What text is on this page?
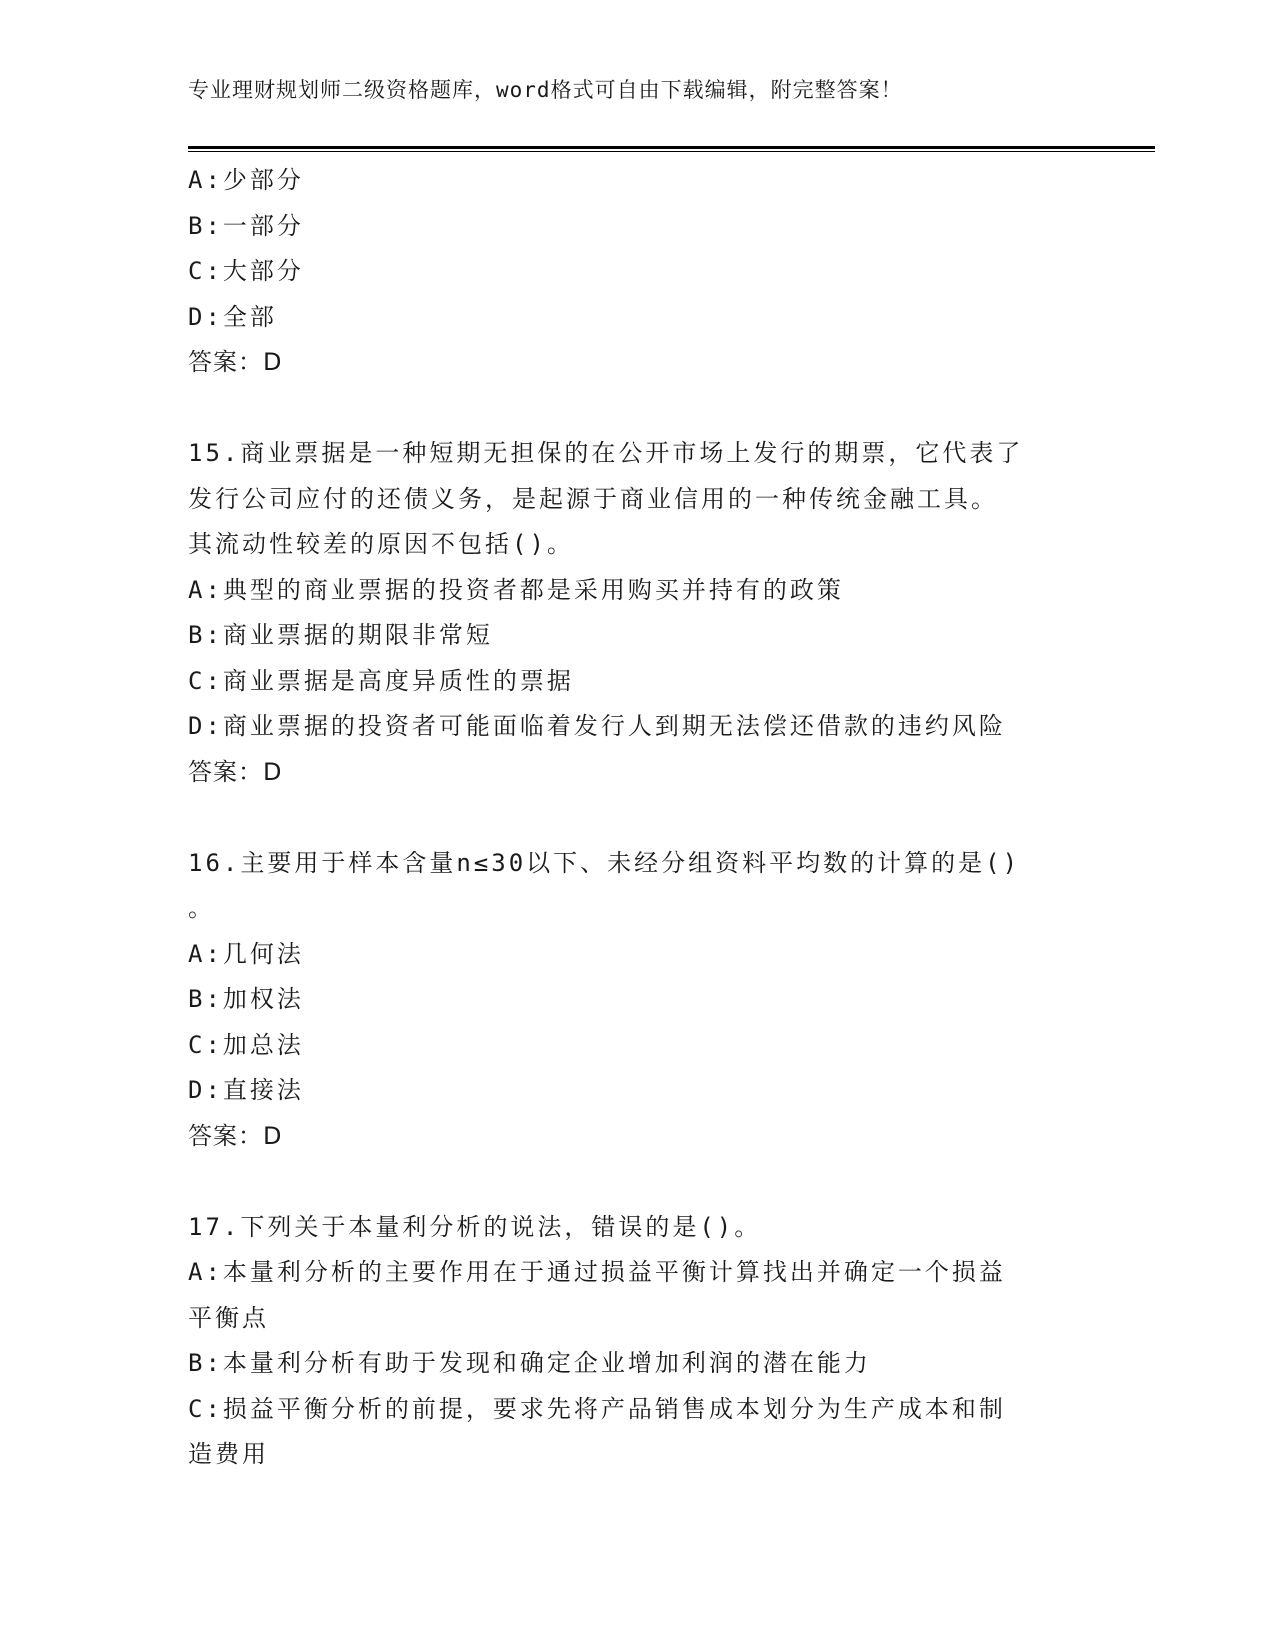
专业理财规划师二级资格题库，word格式可自由下载编辑，附完整答案！
A:少部分
B:一部分
C:大部分
D:全部
答案：D
15.商业票据是一种短期无担保的在公开市场上发行的期票，它代表了
发行公司应付的还债义务，是起源于商业信用的一种传统金融工具。
其流动性较差的原因不包括()。
A:典型的商业票据的投资者都是采用购买并持有的政策
B:商业票据的期限非常短
C:商业票据是高度异质性的票据
D:商业票据的投资者可能面临着发行人到期无法偿还借款的违约风险
答案：D
16.主要用于样本含量n≤30以下、未经分组资料平均数的计算的是()
。
A:几何法
B:加权法
C:加总法
D:直接法
答案：D
17.下列关于本量利分析的说法，错误的是()。
A:本量利分析的主要作用在于通过损益平衡计算找出并确定一个损益
平衡点
B:本量利分析有助于发现和确定企业增加利润的潜在能力
C:损益平衡分析的前提，要求先将产品销售成本划分为生产成本和制
造费用
